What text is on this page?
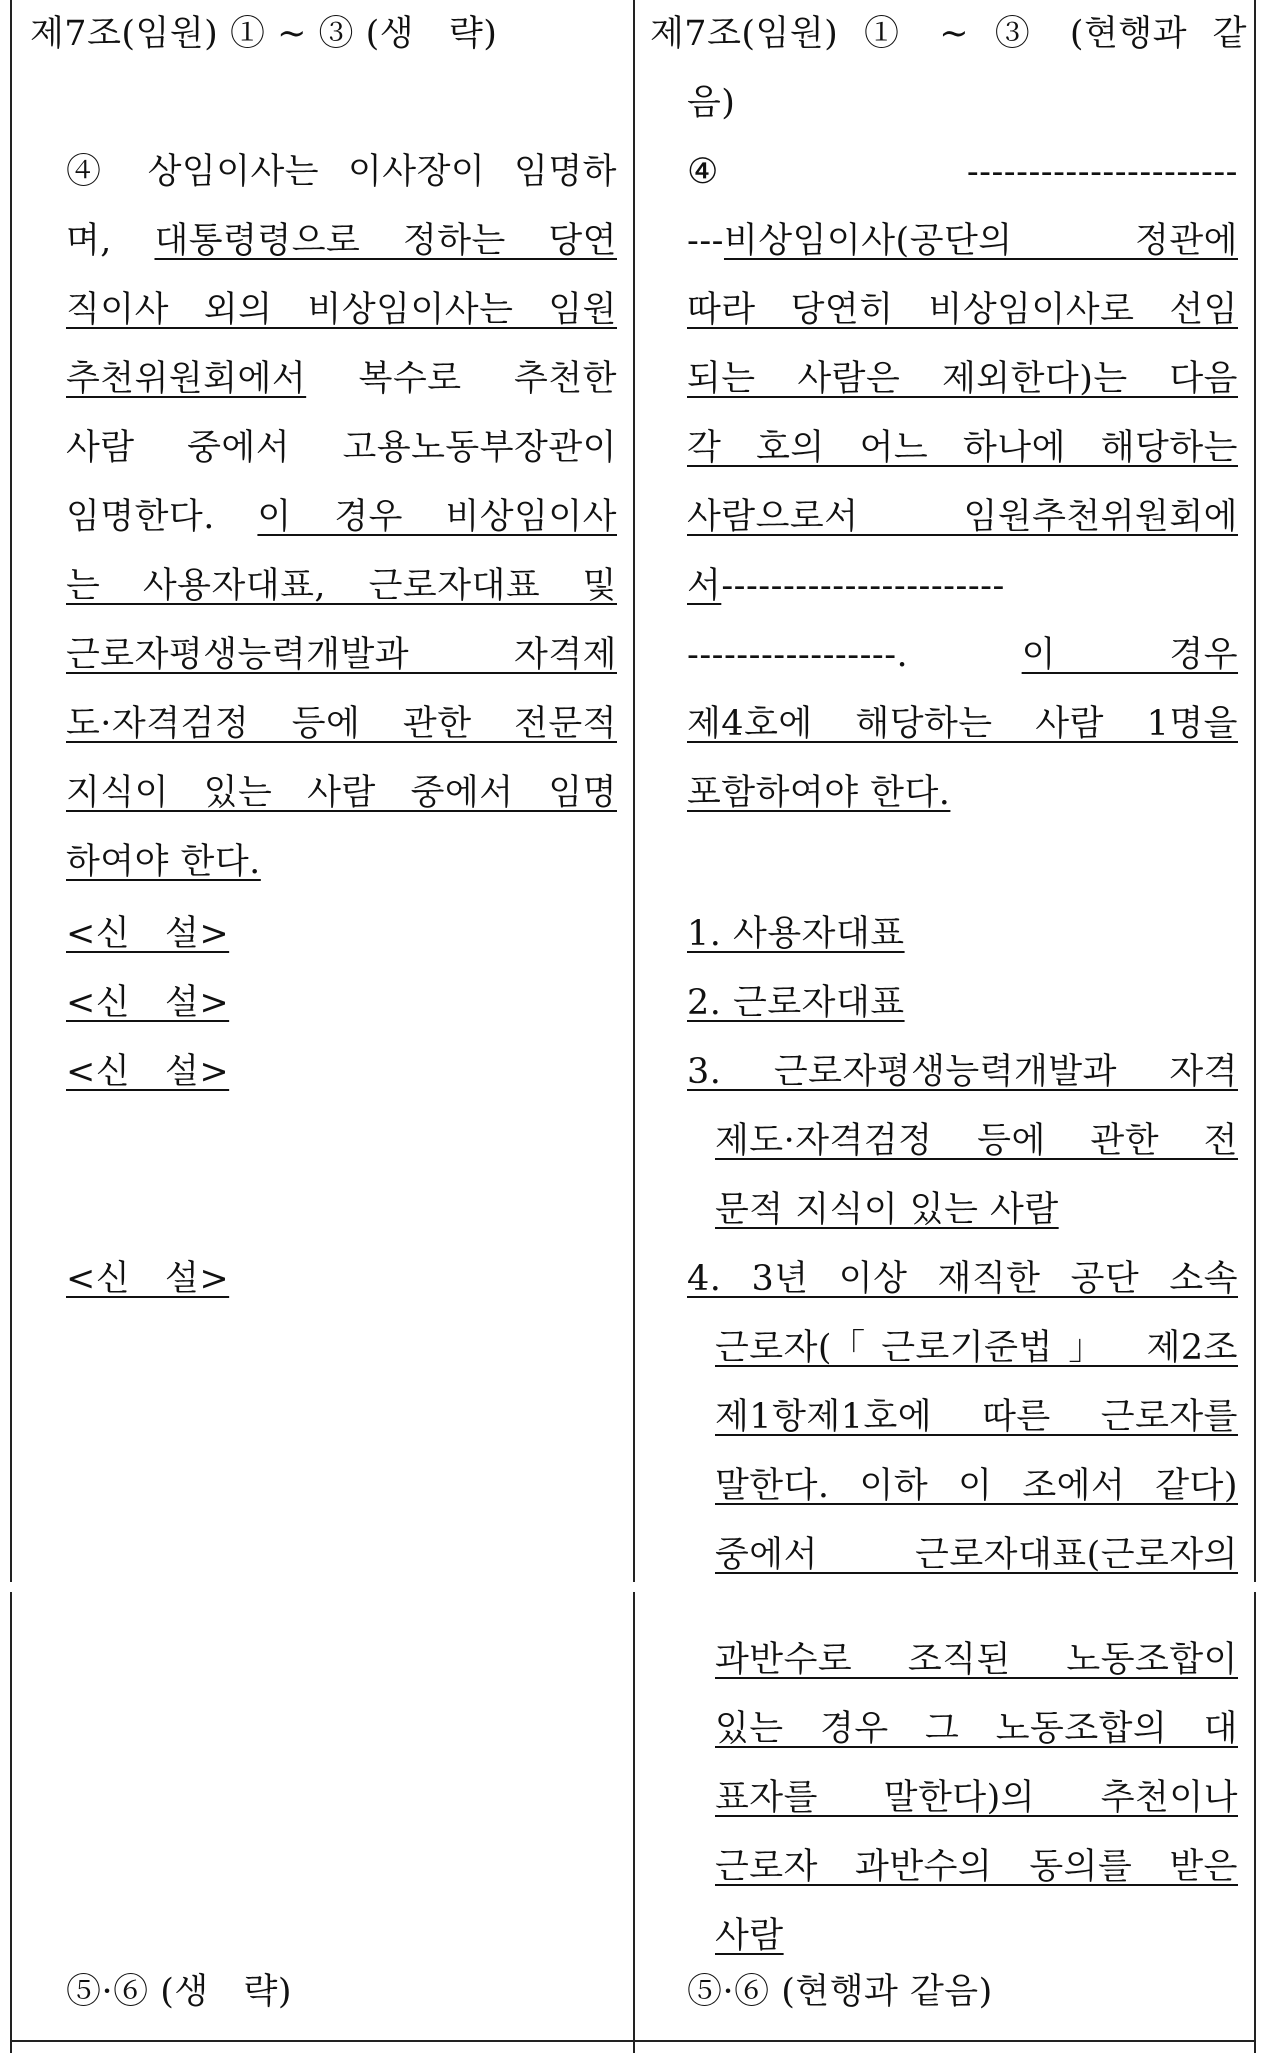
제7조(임원) ① ~ ③ (생   략)
④ 상임이사는 이사장이 임명하
며, 대통령령으로 정하는 당연
직이사 외의 비상임이사는 임원
추천위원회에서 복수로 추천한
사람 중에서 고용노동부장관이
임명한다. 이 경우 비상임이사
는 사용자대표, 근로자대표 및
근로자평생능력개발과  자격제
도·자격검정 등에 관한 전문적
지식이 있는 사람 중에서 임명
하여야 한다.
<신   설>
<신   설>
<신   설>
<신   설>
⑤·⑥ (생   략)
제7조(임원) ① ~ ③ (현행과 같
음)
④ ----------------------
---비상임이사(공단의  정관에
따라 당연히 비상임이사로 선임
되는 사람은 제외한다)는 다음
각 호의 어느 하나에 해당하는
사람으로서  임원추천위원회에
서-----------------------
-----------------. 이 경우
제4호에 해당하는 사람 1명을
포함하여야 한다.
1. 사용자대표
2. 근로자대표
3. 근로자평생능력개발과 자격
제도·자격검정 등에 관한 전
문적 지식이 있는 사람
4. 3년 이상 재직한 공단 소속
근로자(「근로기준법」 제2조
제1항제1호에 따른 근로자를
말한다. 이하 이 조에서 같다)
중에서  근로자대표(근로자의
과반수로 조직된 노동조합이
있는 경우 그 노동조합의 대
표자를  말한다)의  추천이나
근로자 과반수의 동의를 받은
사람
⑤·⑥ (현행과 같음)
